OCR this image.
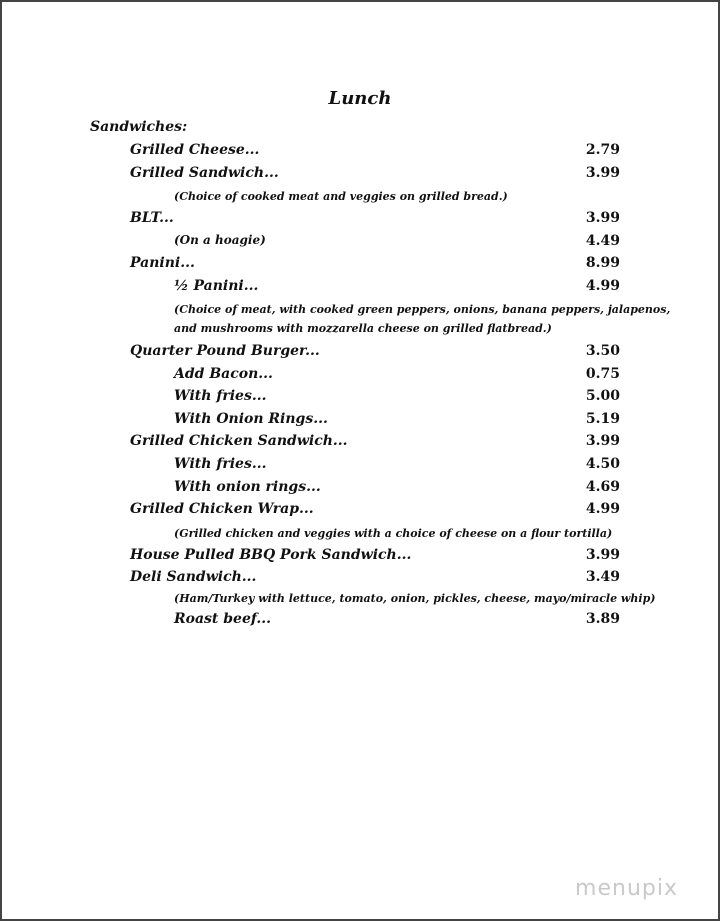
Lunch
Sandwiches:
Grilled Cheese...	2.79
Grilled Sandwich...	3.99
(Choice of cooked meat and veggies on grilled bread.)
BLT...	3.99
(On a hoagie)	4.49
Panini...	8.99
½ Panini...	4.99
(Choice of meat, with cooked green peppers, onions, banana peppers, jalapenos,
and mushrooms with mozzarella cheese on grilled flatbread.)
Quarter Pound Burger...	3.50
Add Bacon...	0.75
With fries...	5.00
With Onion Rings...	5.19
Grilled Chicken Sandwich...	3.99
With fries...	4.50
With onion rings...	4.69
Grilled Chicken Wrap...	4.99
(Grilled chicken and veggies with a choice of cheese on a flour tortilla)
House Pulled BBQ Pork Sandwich...	3.99
Deli Sandwich...	3.49
(Ham/Turkey with lettuce, tomato, onion, pickles, cheese, mayo/miracle whip)
Roast beef...	3.89
menupix
